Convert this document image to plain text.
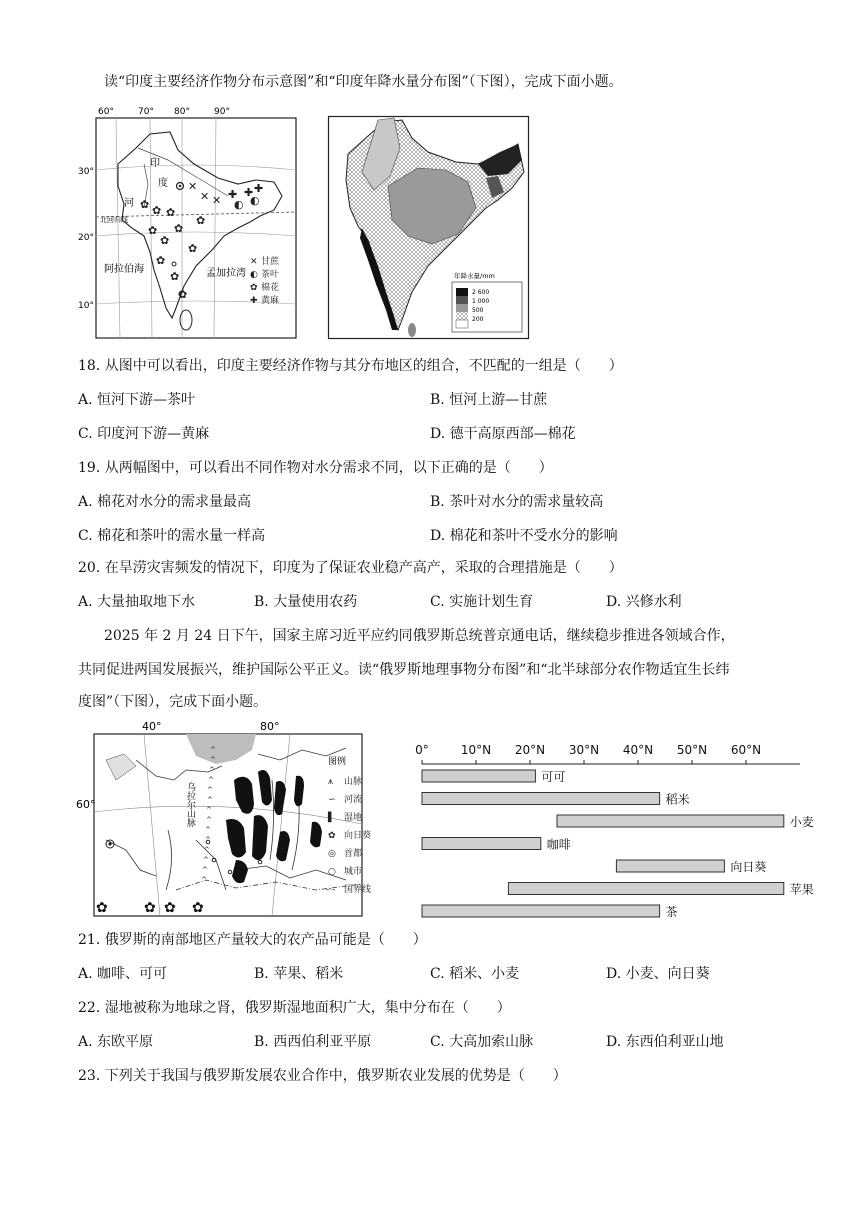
读“印度主要经济作物分布示意图”和“印度年降水量分布图”（下图），完成下面小题。
✕
✕ ✕ ✚ ✚ ✚
◐ ◐
✿ ✿ ✿
✿
✿
✿
✿
✿
✿
✿
✿
60°	70° 80°	90°
30°
20°
10°
印
度
河
北回归线
阿拉伯海	孟加拉湾
✕ 甘蔗
◐ 茶叶
✿ 棉花
✚ 黄麻
年降水量/mm
2 600
1 000
500
200
18. 从图中可以看出，印度主要经济作物与其分布地区的组合，不匹配的一组是（　　）
A. 恒河下游—茶叶	B. 恒河上游—甘蔗
C. 印度河下游—黄麻	D. 德干高原西部—棉花
19. 从两幅图中，可以看出不同作物对水分需求不同，以下正确的是（　　）
A. 棉花对水分的需求量最高	B. 茶叶对水分的需求量较高
C. 棉花和茶叶的需水量一样高	D. 棉花和茶叶不受水分的影响
20. 在旱涝灾害频发的情况下，印度为了保证农业稳产高产，采取的合理措施是（　　）
A. 大量抽取地下水	B. 大量使用农药	C. 实施计划生育	D. 兴修水利
2025 年 2 月 24 日下午，国家主席习近平应约同俄罗斯总统普京通电话，继续稳步推进各领域合作，
共同促进两国发展振兴，维护国际公平正义。读“俄罗斯地理事物分布图”和“北半球部分农作物适宜生长纬
度图”（下图），完成下面小题。
^
^
^
^
^
^
^
^
^
^
^
^
^
^
乌拉尔山脉
✿	✿ ✿ ✿
40°	80°
60°
图例
⩚ 山脉
∽ 河流
▌ 湿地
✿ 向日葵
◎ 首都
○ 城市
-·- 国界线
0°	10°N 20°N 30°N 40°N 50°N 60°N
可可
稻米
小麦
咖啡
向日葵
苹果
茶
21. 俄罗斯的南部地区产量较大的农产品可能是（　　）
A. 咖啡、可可	B. 苹果、稻米	C. 稻米、小麦	D. 小麦、向日葵
22. 湿地被称为地球之肾，俄罗斯湿地面积广大，集中分布在（　　）
A. 东欧平原	B. 西西伯利亚平原	C. 大高加索山脉	D. 东西伯利亚山地
23. 下列关于我国与俄罗斯发展农业合作中，俄罗斯农业发展的优势是（　　）
